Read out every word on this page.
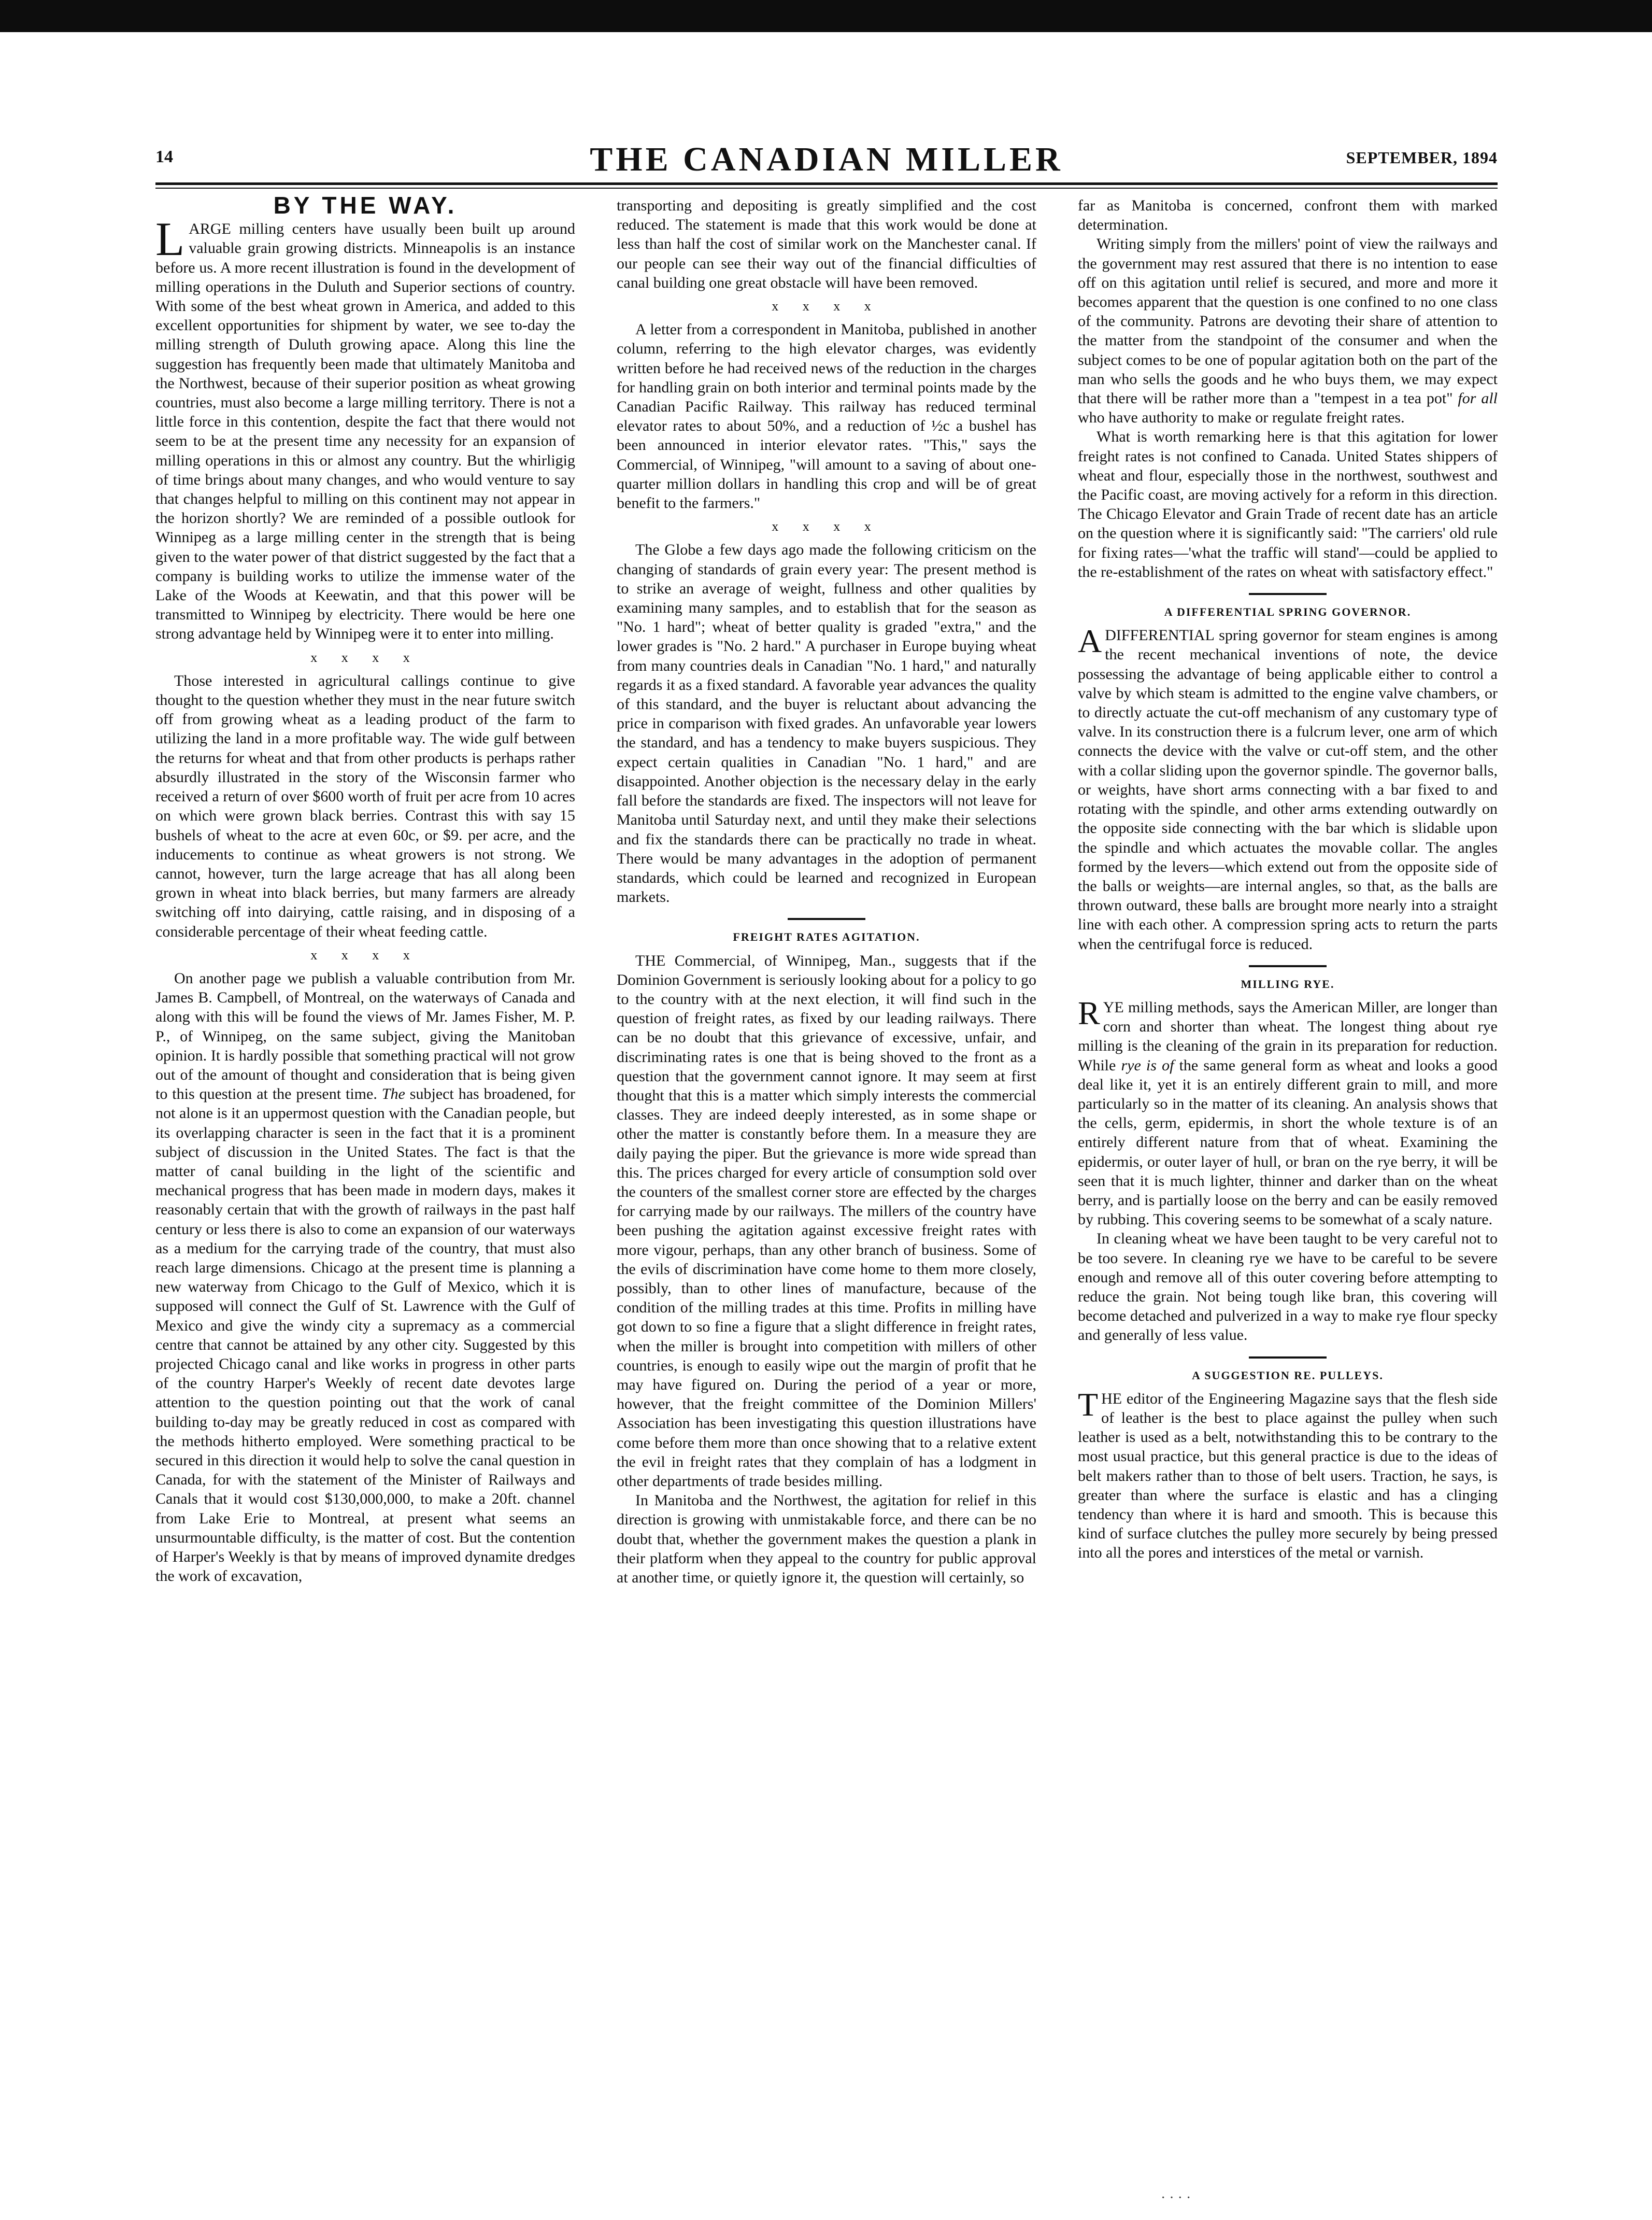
14	THE CANADIAN MILLER	SEPTEMBER, 1894
BY THE WAY.

LARGE milling centers have usually been built up around valuable grain growing districts. Minneapolis is an instance before us. A more recent illustration is found in the development of milling operations in the Duluth and Superior sections of country. With some of the best wheat grown in America, and added to this excellent opportunities for shipment by water, we see to-day the milling strength of Duluth growing apace. Along this line the suggestion has frequently been made that ultimately Manitoba and the Northwest, because of their superior position as wheat growing countries, must also become a large milling territory. There is not a little force in this contention, despite the fact that there would not seem to be at the present time any necessity for an expansion of milling operations in this or almost any country. But the whirligig of time brings about many changes, and who would venture to say that changes helpful to milling on this continent may not appear in the horizon shortly? We are reminded of a possible outlook for Winnipeg as a large milling center in the strength that is being given to the water power of that district suggested by the fact that a company is building works to utilize the immense water of the Lake of the Woods at Keewatin, and that this power will be transmitted to Winnipeg by electricity. There would be here one strong advantage held by Winnipeg were it to enter into milling.

x x x x

Those interested in agricultural callings continue to give thought to the question whether they must in the near future switch off from growing wheat as a leading product of the farm to utilizing the land in a more profitable way. The wide gulf between the returns for wheat and that from other products is perhaps rather absurdly illustrated in the story of the Wisconsin farmer who received a return of over $600 worth of fruit per acre from 10 acres on which were grown black berries. Contrast this with say 15 bushels of wheat to the acre at even 60c, or $9. per acre, and the inducements to continue as wheat growers is not strong. We cannot, however, turn the large acreage that has all along been grown in wheat into black berries, but many farmers are already switching off into dairying, cattle raising, and in disposing of a considerable percentage of their wheat feeding cattle.

x x x x

On another page we publish a valuable contribution from Mr. James B. Campbell, of Montreal, on the waterways of Canada and along with this will be found the views of Mr. James Fisher, M. P. P., of Winnipeg, on the same subject, giving the Manitoban opinion. It is hardly possible that something practical will not grow out of the amount of thought and consideration that is being given to this question at the present time. The subject has broadened, for not alone is it an uppermost question with the Canadian people, but its overlapping character is seen in the fact that it is a prominent subject of discussion in the United States. The fact is that the matter of canal building in the light of the scientific and mechanical progress that has been made in modern days, makes it reasonably certain that with the growth of railways in the past half century or less there is also to come an expansion of our waterways as a medium for the carrying trade of the country, that must also reach large dimensions. Chicago at the present time is planning a new waterway from Chicago to the Gulf of Mexico, which it is supposed will connect the Gulf of St. Lawrence with the Gulf of Mexico and give the windy city a supremacy as a commercial centre that cannot be attained by any other city. Suggested by this projected Chicago canal and like works in progress in other parts of the country Harper's Weekly of recent date devotes large attention to the question pointing out that the work of canal building to-day may be greatly reduced in cost as compared with the methods hitherto employed. Were something practical to be secured in this direction it would help to solve the canal question in Canada, for with the statement of the Minister of Railways and Canals that it would cost $130,000,000, to make a 20ft. channel from Lake Erie to Montreal, at present what seems an unsurmountable difficulty, is the matter of cost. But the contention of Harper's Weekly is that by means of improved dynamite dredges the work of excavation,

transporting and depositing is greatly simplified and the cost reduced. The statement is made that this work would be done at less than half the cost of similar work on the Manchester canal. If our people can see their way out of the financial difficulties of canal building one great obstacle will have been removed.

x x x x

A letter from a correspondent in Manitoba, published in another column, referring to the high elevator charges, was evidently written before he had received news of the reduction in the charges for handling grain on both interior and terminal points made by the Canadian Pacific Railway. This railway has reduced terminal elevator rates to about 50%, and a reduction of ½c a bushel has been announced in interior elevator rates. "This," says the Commercial, of Winnipeg, "will amount to a saving of about one-quarter million dollars in handling this crop and will be of great benefit to the farmers."

x x x x

The Globe a few days ago made the following criticism on the changing of standards of grain every year: The present method is to strike an average of weight, fullness and other qualities by examining many samples, and to establish that for the season as "No. 1 hard"; wheat of better quality is graded "extra," and the lower grades is "No. 2 hard." A purchaser in Europe buying wheat from many countries deals in Canadian "No. 1 hard," and naturally regards it as a fixed standard. A favorable year advances the quality of this standard, and the buyer is reluctant about advancing the price in comparison with fixed grades. An unfavorable year lowers the standard, and has a tendency to make buyers suspicious. They expect certain qualities in Canadian "No. 1 hard," and are disappointed. Another objection is the necessary delay in the early fall before the standards are fixed. The inspectors will not leave for Manitoba until Saturday next, and until they make their selections and fix the standards there can be practically no trade in wheat. There would be many advantages in the adoption of permanent standards, which could be learned and recognized in European markets.

FREIGHT RATES AGITATION.

THE Commercial, of Winnipeg, Man., suggests that if the Dominion Government is seriously looking about for a policy to go to the country with at the next election, it will find such in the question of freight rates, as fixed by our leading railways. There can be no doubt that this grievance of excessive, unfair, and discriminating rates is one that is being shoved to the front as a question that the government cannot ignore. It may seem at first thought that this is a matter which simply interests the commercial classes. They are indeed deeply interested, as in some shape or other the matter is constantly before them. In a measure they are daily paying the piper. But the grievance is more wide spread than this. The prices charged for every article of consumption sold over the counters of the smallest corner store are effected by the charges for carrying made by our railways. The millers of the country have been pushing the agitation against excessive freight rates with more vigour, perhaps, than any other branch of business. Some of the evils of discrimination have come home to them more closely, possibly, than to other lines of manufacture, because of the condition of the milling trades at this time. Profits in milling have got down to so fine a figure that a slight difference in freight rates, when the miller is brought into competition with millers of other countries, is enough to easily wipe out the margin of profit that he may have figured on. During the period of a year or more, however, that the freight committee of the Dominion Millers' Association has been investigating this question illustrations have come before them more than once showing that to a relative extent the evil in freight rates that they complain of has a lodgment in other departments of trade besides milling.

In Manitoba and the Northwest, the agitation for relief in this direction is growing with unmistakable force, and there can be no doubt that, whether the government makes the question a plank in their platform when they appeal to the country for public approval at another time, or quietly ignore it, the question will certainly, so

far as Manitoba is concerned, confront them with marked determination.

Writing simply from the millers' point of view the railways and the government may rest assured that there is no intention to ease off on this agitation until relief is secured, and more and more it becomes apparent that the question is one confined to no one class of the community. Patrons are devoting their share of attention to the matter from the standpoint of the consumer and when the subject comes to be one of popular agitation both on the part of the man who sells the goods and he who buys them, we may expect that there will be rather more than a "tempest in a tea pot" for all who have authority to make or regulate freight rates.

What is worth remarking here is that this agitation for lower freight rates is not confined to Canada. United States shippers of wheat and flour, especially those in the northwest, southwest and the Pacific coast, are moving actively for a reform in this direction. The Chicago Elevator and Grain Trade of recent date has an article on the question where it is significantly said: "The carriers' old rule for fixing rates—'what the traffic will stand'—could be applied to the re-establishment of the rates on wheat with satisfactory effect."

A DIFFERENTIAL SPRING GOVERNOR.

ADIFFERENTIAL spring governor for steam engines is among the recent mechanical inventions of note, the device possessing the advantage of being applicable either to control a valve by which steam is admitted to the engine valve chambers, or to directly actuate the cut-off mechanism of any customary type of valve. In its construction there is a fulcrum lever, one arm of which connects the device with the valve or cut-off stem, and the other with a collar sliding upon the governor spindle. The governor balls, or weights, have short arms connecting with a bar fixed to and rotating with the spindle, and other arms extending outwardly on the opposite side connecting with the bar which is slidable upon the spindle and which actuates the movable collar. The angles formed by the levers—which extend out from the opposite side of the balls or weights—are internal angles, so that, as the balls are thrown outward, these balls are brought more nearly into a straight line with each other. A compression spring acts to return the parts when the centrifugal force is reduced.

MILLING RYE.

RYE milling methods, says the American Miller, are longer than corn and shorter than wheat. The longest thing about rye milling is the cleaning of the grain in its preparation for reduction. While rye is of the same general form as wheat and looks a good deal like it, yet it is an entirely different grain to mill, and more particularly so in the matter of its cleaning. An analysis shows that the cells, germ, epidermis, in short the whole texture is of an entirely different nature from that of wheat. Examining the epidermis, or outer layer of hull, or bran on the rye berry, it will be seen that it is much lighter, thinner and darker than on the wheat berry, and is partially loose on the berry and can be easily removed by rubbing. This covering seems to be somewhat of a scaly nature.

In cleaning wheat we have been taught to be very careful not to be too severe. In cleaning rye we have to be careful to be severe enough and remove all of this outer covering before attempting to reduce the grain. Not being tough like bran, this covering will become detached and pulverized in a way to make rye flour specky and generally of less value.

A SUGGESTION RE. PULLEYS.

THE editor of the Engineering Magazine says that the flesh side of leather is the best to place against the pulley when such leather is used as a belt, notwithstanding this to be contrary to the most usual practice, but this general practice is due to the ideas of belt makers rather than to those of belt users. Traction, he says, is greater than where the surface is elastic and has a clinging tendency than where it is hard and smooth. This is because this kind of surface clutches the pulley more securely by being pressed into all the pores and interstices of the metal or varnish.

· · · ·
